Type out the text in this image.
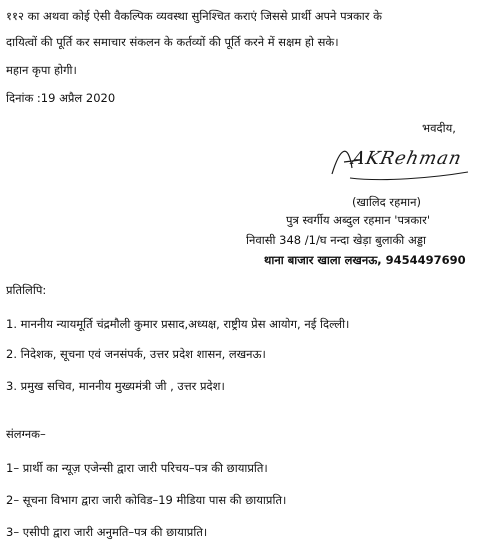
११२ का अथवा कोई ऐसी वैकल्पिक व्यवस्था सुनिश्चित कराएं जिससे प्रार्थी अपने पत्रकार के
दायित्वों की पूर्ति कर समाचार संकलन के कर्तव्यों की पूर्ति करने में सक्षम हो सके।
महान कृपा होगी।
दिनांक :19 अप्रैल 2020
भवदीय,
AKRehman
(खालिद रहमान)
पुत्र स्वर्गीय अब्दुल रहमान 'पत्रकार'
निवासी 348 /1/घ नन्दा खेड़ा बुलाकी अड्डा
थाना बाजार खाला लखनऊ, 9454497690
प्रतिलिपि:
1. माननीय न्यायमूर्ति चंद्रमौली कुमार प्रसाद,अध्यक्ष, राष्ट्रीय प्रेस आयोग, नई दिल्ली।
2. निदेशक, सूचना एवं जनसंपर्क, उत्तर प्रदेश शासन, लखनऊ।
3. प्रमुख सचिव, माननीय मुख्यमंत्री जी , उत्तर प्रदेश।
संलग्नक–
1– प्रार्थी का न्यूज़ एजेन्सी द्वारा जारी परिचय–पत्र की छायाप्रति।
2– सूचना विभाग द्वारा जारी कोविड–19 मीडिया पास की छायाप्रति।
3– एसीपी द्वारा जारी अनुमति–पत्र की छायाप्रति।
